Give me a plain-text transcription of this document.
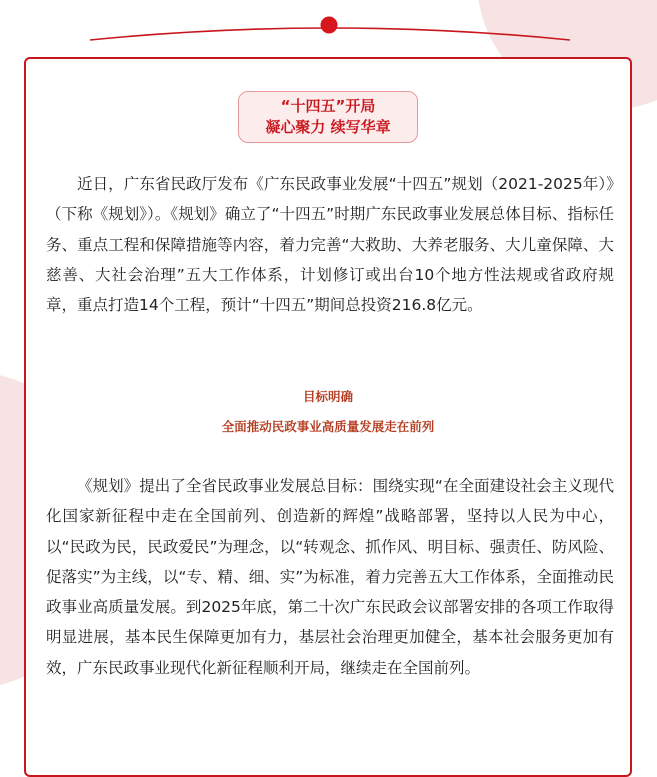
“十四五”开局
凝心聚力 续写华章

近日，广东省民政厅发布《广东民政事业发展“十四五”规划（2021-2025年）》（下称《规划》）。《规划》确立了“十四五”时期广东民政事业发展总体目标、指标任务、重点工程和保障措施等内容，着力完善“大救助、大养老服务、大儿童保障、大慈善、大社会治理”五大工作体系，计划修订或出台10个地方性法规或省政府规章，重点打造14个工程，预计“十四五”期间总投资216.8亿元。

目标明确
全面推动民政事业高质量发展走在前列

《规划》提出了全省民政事业发展总目标：围绕实现“在全面建设社会主义现代化国家新征程中走在全国前列、创造新的辉煌”战略部署，坚持以人民为中心，以“民政为民，民政爱民”为理念，以“转观念、抓作风、明目标、强责任、防风险、促落实”为主线，以“专、精、细、实”为标准，着力完善五大工作体系，全面推动民政事业高质量发展。到2025年底，第二十次广东民政会议部署安排的各项工作取得明显进展，基本民生保障更加有力，基层社会治理更加健全，基本社会服务更加有效，广东民政事业现代化新征程顺利开局，继续走在全国前列。
